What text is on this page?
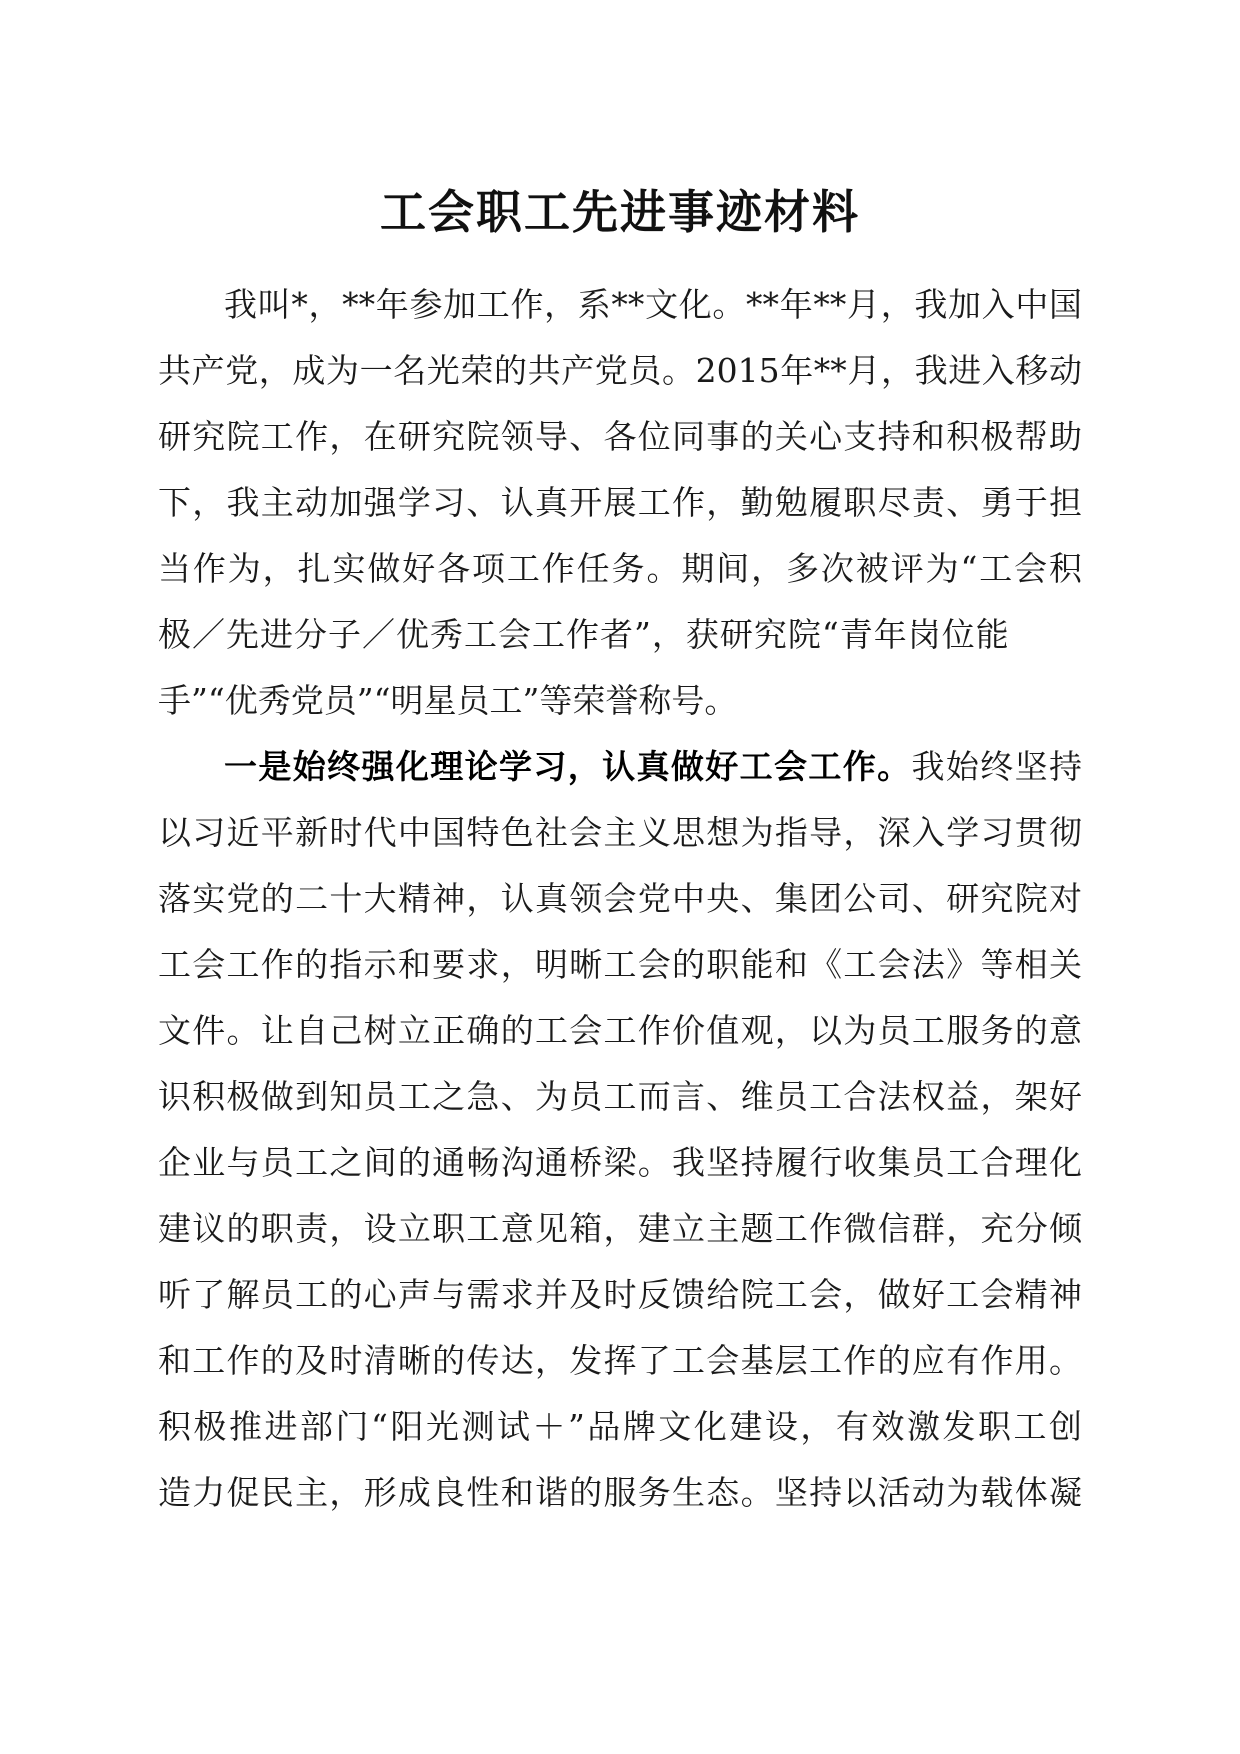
工会职工先进事迹材料
我叫*，**年参加工作，系**文化。**年**月，我加入中国
共产党，成为一名光荣的共产党员。2015年**月，我进入移动
研究院工作，在研究院领导、各位同事的关心支持和积极帮助
下，我主动加强学习、认真开展工作，勤勉履职尽责、勇于担
当作为，扎实做好各项工作任务。期间，多次被评为“工会积
极／先进分子／优秀工会工作者”，获研究院“青年岗位能
手”“优秀党员”“明星员工”等荣誉称号。
一是始终强化理论学习，认真做好工会工作。我始终坚持
以习近平新时代中国特色社会主义思想为指导，深入学习贯彻
落实党的二十大精神，认真领会党中央、集团公司、研究院对
工会工作的指示和要求，明晰工会的职能和《工会法》等相关
文件。让自己树立正确的工会工作价值观，以为员工服务的意
识积极做到知员工之急、为员工而言、维员工合法权益，架好
企业与员工之间的通畅沟通桥梁。我坚持履行收集员工合理化
建议的职责，设立职工意见箱，建立主题工作微信群，充分倾
听了解员工的心声与需求并及时反馈给院工会，做好工会精神
和工作的及时清晰的传达，发挥了工会基层工作的应有作用。
积极推进部门“阳光测试＋”品牌文化建设，有效激发职工创
造力促民主，形成良性和谐的服务生态。坚持以活动为载体凝
